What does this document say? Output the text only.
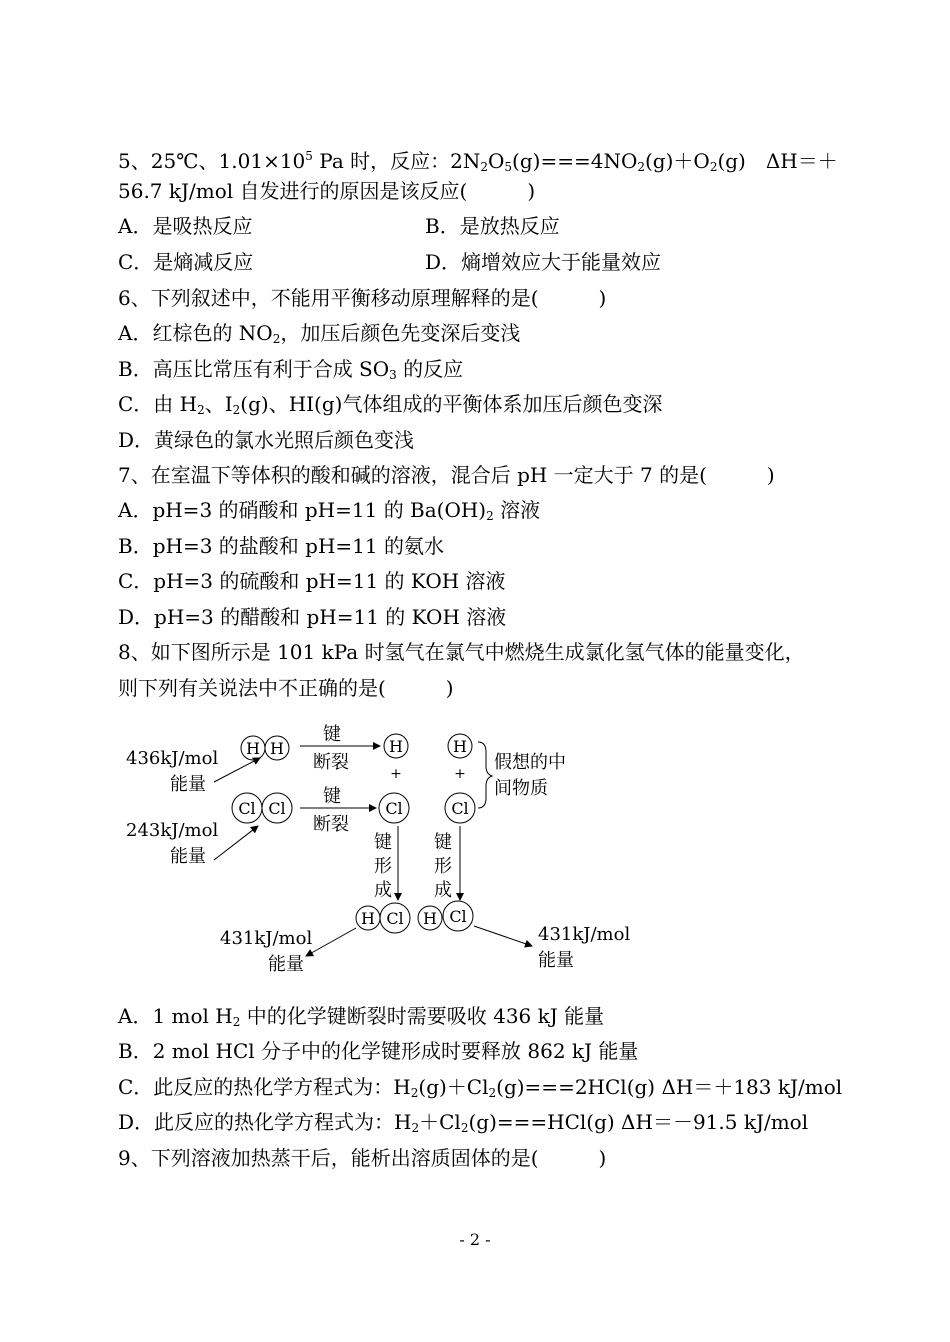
5、25℃、$1.01\times 10^5$ Pa 时，反应：$2N_2O_5(g)===4NO_2(g)+O_2(g)$　ΔH＝＋
56.7 kJ/mol 自发进行的原因是该反应(　　　)
A．是吸热反应	B．是放热反应
C．是熵减反应	D．熵增效应大于能量效应
6、下列叙述中，不能用平衡移动原理解释的是(　　　)
A．红棕色的 $NO_2$，加压后颜色先变深后变浅
B．高压比常压有利于合成 $SO_3$ 的反应
C．由 $H_2$、$I_2(g)$、HI(g)气体组成的平衡体系加压后颜色变深
D．黄绿色的氯水光照后颜色变浅
7、在室温下等体积的酸和碱的溶液，混合后 pH 一定大于 7 的是(　　　)
A．pH=3 的硝酸和 pH=11 的 $Ba(OH)_2$ 溶液
B．pH=3 的盐酸和 pH=11 的氨水
C．pH=3 的硫酸和 pH=11 的 KOH 溶液
D．pH=3 的醋酸和 pH=11 的 KOH 溶液
8、如下图所示是 101 kPa 时氢气在氯气中燃烧生成氯化氢气体的能量变化，
则下列有关说法中不正确的是(　　　)
436kJ/mol
能量
243kJ/mol
能量
H H
键
断裂
H
+
H
+
假想的中
间物质
Cl Cl
键
断裂
Cl	Cl
键
形
成
键
形
成
H Cl H Cl
431kJ/mol
能量
431kJ/mol
能量
A．1 mol $H_2$ 中的化学键断裂时需要吸收 436 kJ 能量
B．2 mol HCl 分子中的化学键形成时要释放 862 kJ 能量
C．此反应的热化学方程式为：$H_2(g)+Cl_2(g)===2HCl(g)$ ΔH＝＋183 kJ/mol
D．此反应的热化学方程式为：$H_2+Cl_2(g)===HCl(g)$ ΔH＝－91.5 kJ/mol
9、下列溶液加热蒸干后，能析出溶质固体的是(　　　)
- 2 -
